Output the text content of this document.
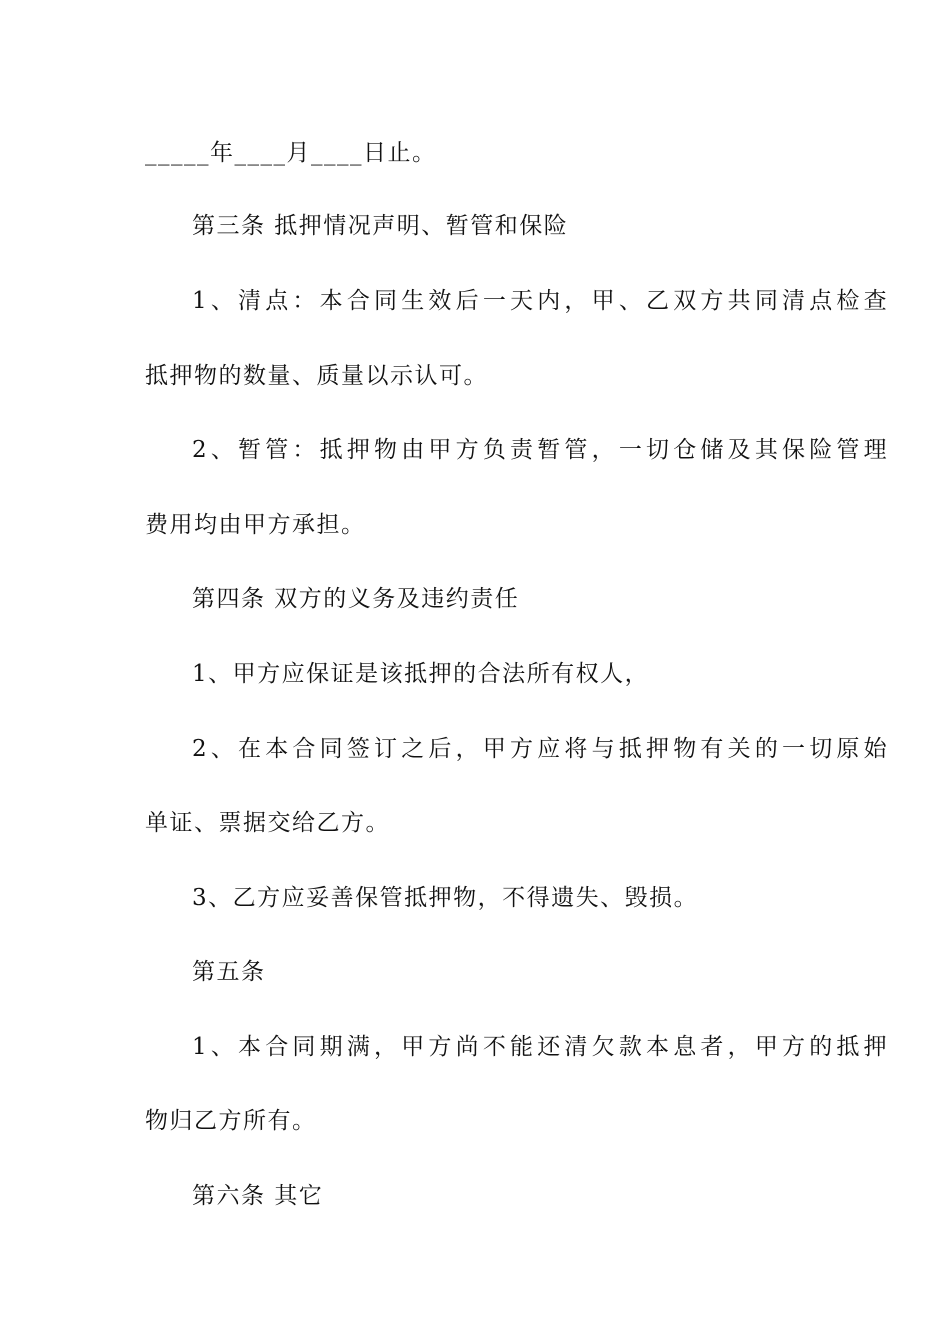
_____年____月____日止。
第三条 抵押情况声明、暂管和保险
1、清点：本合同生效后一天内，甲、乙双方共同清点检查
抵押物的数量、质量以示认可。
2、暂管：抵押物由甲方负责暂管，一切仓储及其保险管理
费用均由甲方承担。
第四条 双方的义务及违约责任
1、甲方应保证是该抵押的合法所有权人，
2、在本合同签订之后，甲方应将与抵押物有关的一切原始
单证、票据交给乙方。
3、乙方应妥善保管抵押物，不得遗失、毁损。
第五条
1、本合同期满，甲方尚不能还清欠款本息者，甲方的抵押
物归乙方所有。
第六条 其它
